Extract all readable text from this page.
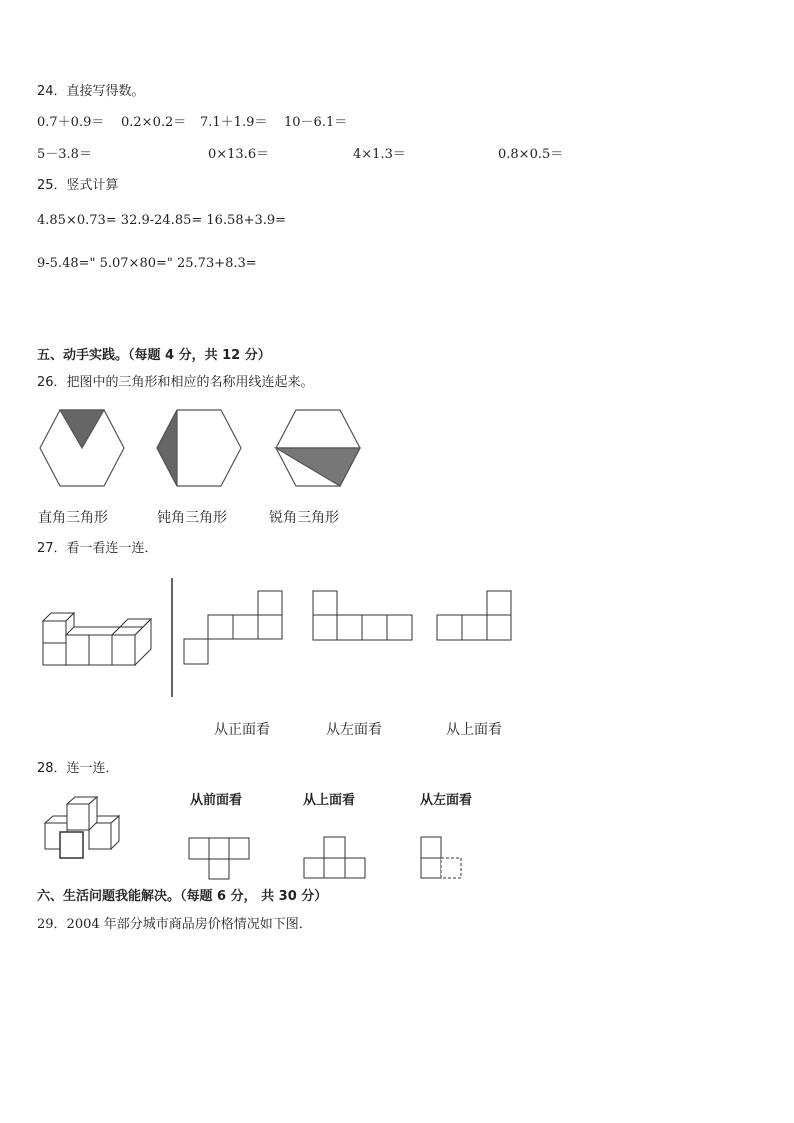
24．直接写得数。
0.7＋0.9＝ 0.2×0.2＝ 7.1＋1.9＝ 10－6.1＝
5－3.8＝	0×13.6＝	4×1.3＝	0.8×0.5＝
25．竖式计算
4.85×0.73= 32.9-24.85= 16.58+3.9=
9-5.48=" 5.07×80=" 25.73+8.3=
五、动手实践。（每题 4 分，共 12 分）
26．把图中的三角形和相应的名称用线连起来。
直角三角形	钝角三角形	锐角三角形
27．看一看连一连．
从正面看	从左面看	从上面看
28．连一连．
从前面看	从上面看	从左面看
六、生活问题我能解决。（每题 6 分， 共 30 分）
29．2004 年部分城市商品房价格情况如下图．
